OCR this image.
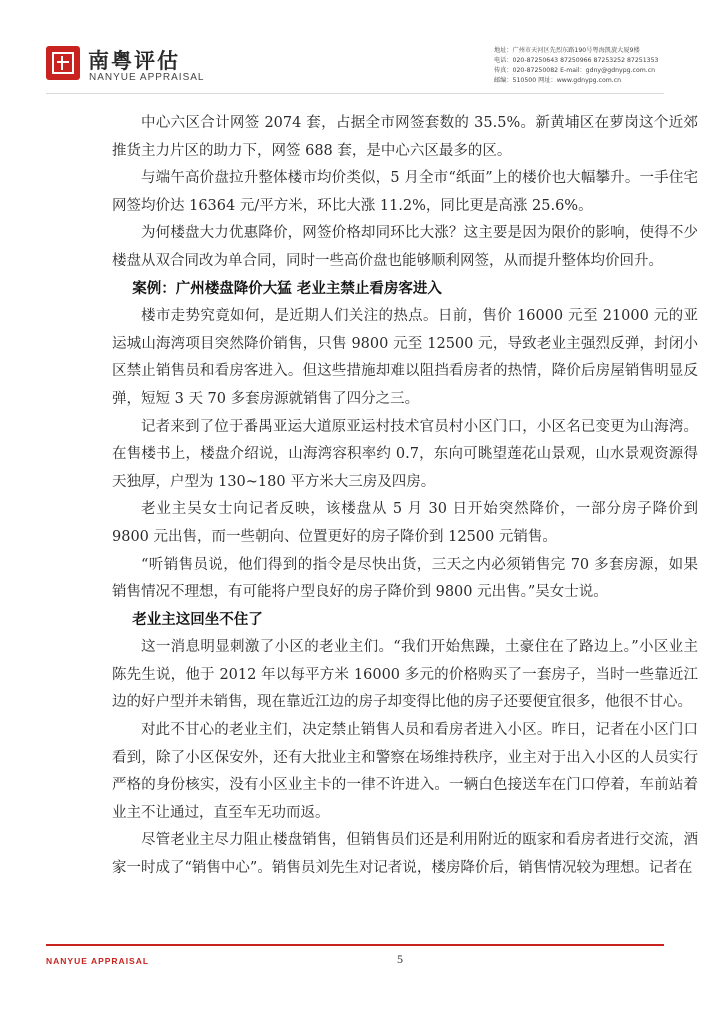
南粤评估
NANYUE APPRAISAL
地址：广州市天河区先烈东路190号粤海凯旋大厦9楼
电话：020-87250643 87250966 87253252 87251353
传真：020-87250082 E-mail：gdny@gdnypg.com.cn
邮编：510500 网址：www.gdnypg.com.cn

中心六区合计网签 2074 套，占据全市网签套数的 35.5%。新黄埔区在萝岗这个近郊推货主力片区的助力下，网签 688 套，是中心六区最多的区。

与端午高价盘拉升整体楼市均价类似，5 月全市“纸面”上的楼价也大幅攀升。一手住宅网签均价达 16364 元/平方米，环比大涨 11.2%，同比更是高涨 25.6%。

为何楼盘大力优惠降价，网签价格却同环比大涨？这主要是因为限价的影响，使得不少楼盘从双合同改为单合同，同时一些高价盘也能够顺利网签，从而提升整体均价回升。

案例：广州楼盘降价大猛 老业主禁止看房客进入

楼市走势究竟如何，是近期人们关注的热点。日前，售价 16000 元至 21000 元的亚运城山海湾项目突然降价销售，只售 9800 元至 12500 元，导致老业主强烈反弹，封闭小区禁止销售员和看房客进入。但这些措施却难以阻挡看房者的热情，降价后房屋销售明显反弹，短短 3 天 70 多套房源就销售了四分之三。

记者来到了位于番禺亚运大道原亚运村技术官员村小区门口，小区名已变更为山海湾。在售楼书上，楼盘介绍说，山海湾容积率约 0.7，东向可眺望莲花山景观，山水景观资源得天独厚，户型为 130~180 平方米大三房及四房。

老业主吴女士向记者反映，该楼盘从 5 月 30 日开始突然降价，一部分房子降价到 9800 元出售，而一些朝向、位置更好的房子降价到 12500 元销售。

“听销售员说，他们得到的指令是尽快出货，三天之内必须销售完 70 多套房源，如果销售情况不理想，有可能将户型良好的房子降价到 9800 元出售。”吴女士说。

老业主这回坐不住了

这一消息明显刺激了小区的老业主们。“我们开始焦躁，土豪住在了路边上。”小区业主陈先生说，他于 2012 年以每平方米 16000 多元的价格购买了一套房子，当时一些靠近江边的好户型并未销售，现在靠近江边的房子却变得比他的房子还要便宜很多，他很不甘心。

对此不甘心的老业主们，决定禁止销售人员和看房者进入小区。昨日，记者在小区门口看到，除了小区保安外，还有大批业主和警察在场维持秩序，业主对于出入小区的人员实行严格的身份核实，没有小区业主卡的一律不许进入。一辆白色接送车在门口停着，车前站着业主不让通过，直至车无功而返。

尽管老业主尽力阻止楼盘销售，但销售员们还是利用附近的瓯家和看房者进行交流，酒家一时成了“销售中心”。销售员刘先生对记者说，楼房降价后，销售情况较为理想。记者在

NANYUE APPRAISAL	5
